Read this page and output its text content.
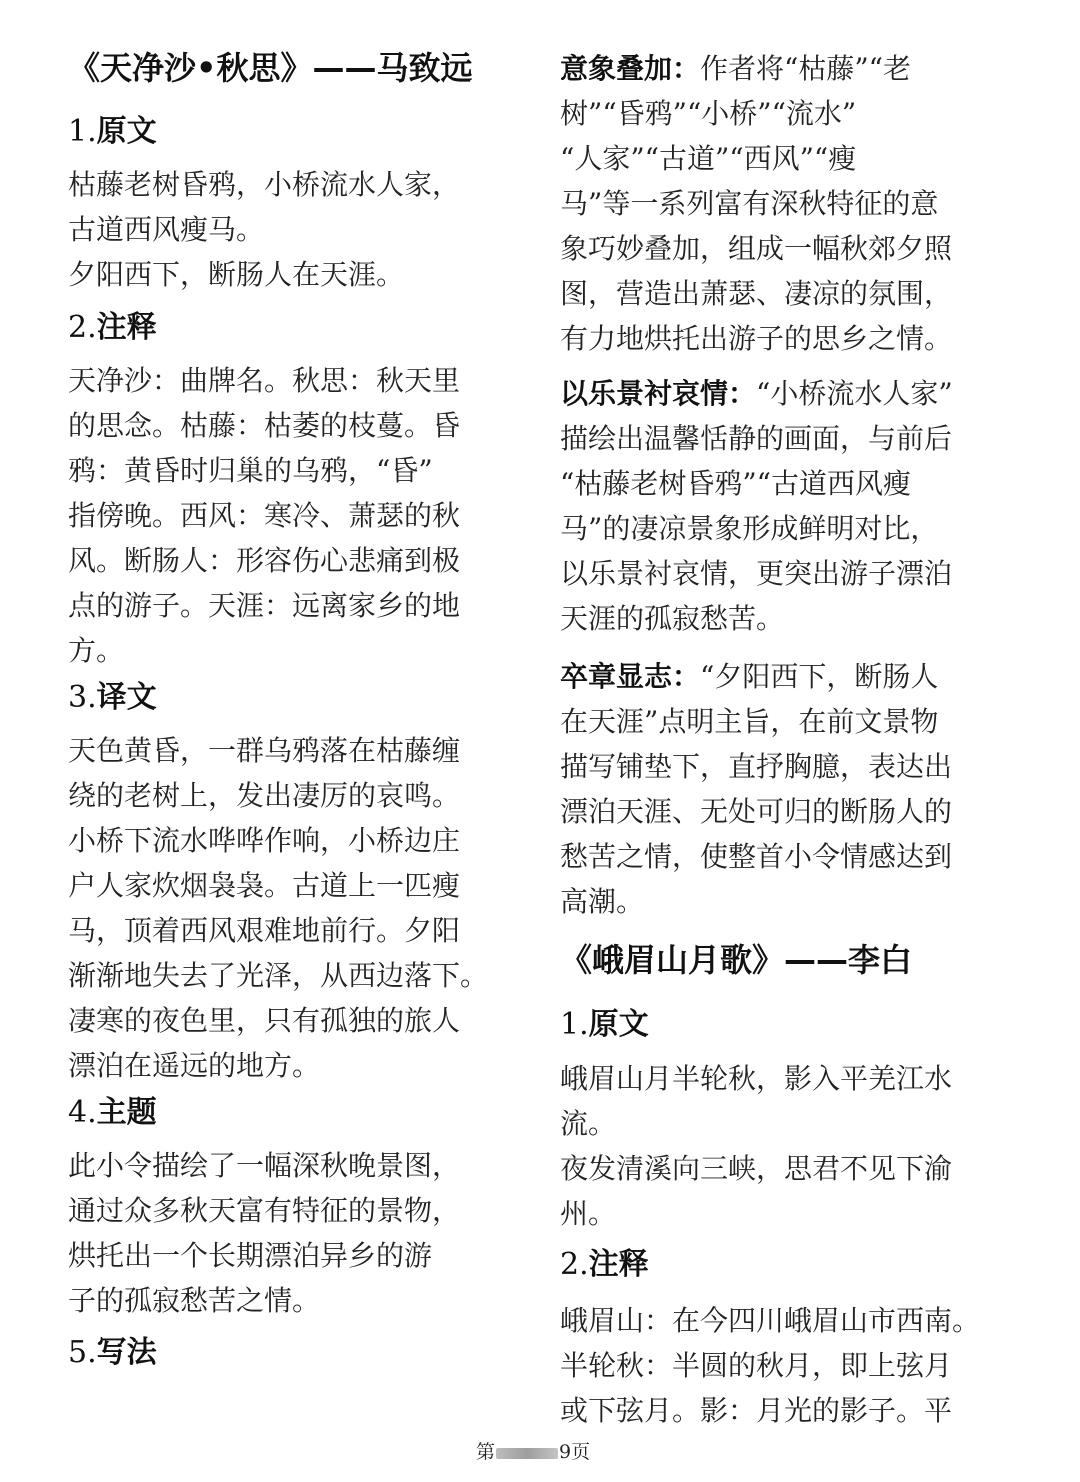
《天净沙•秋思》——马致远
1.原文
枯藤老树昏鸦，小桥流水人家，
古道西风瘦马。
夕阳西下，断肠人在天涯。
2.注释
天净沙：曲牌名。秋思：秋天里
的思念。枯藤：枯萎的枝蔓。昏
鸦：黄昏时归巢的乌鸦，“昏”
指傍晚。西风：寒冷、萧瑟的秋
风。断肠人：形容伤心悲痛到极
点的游子。天涯：远离家乡的地
方。
3.译文
天色黄昏，一群乌鸦落在枯藤缠
绕的老树上，发出凄厉的哀鸣。
小桥下流水哗哗作响，小桥边庄
户人家炊烟袅袅。古道上一匹瘦
马，顶着西风艰难地前行。夕阳
渐渐地失去了光泽，从西边落下。
凄寒的夜色里，只有孤独的旅人
漂泊在遥远的地方。
4.主题
此小令描绘了一幅深秋晚景图，
通过众多秋天富有特征的景物，
烘托出一个长期漂泊异乡的游
子的孤寂愁苦之情。
5.写法
意象叠加：作者将“枯藤”“老
树”“昏鸦”“小桥”“流水”
“人家”“古道”“西风”“瘦
马”等一系列富有深秋特征的意
象巧妙叠加，组成一幅秋郊夕照
图，营造出萧瑟、凄凉的氛围，
有力地烘托出游子的思乡之情。
以乐景衬哀情：“小桥流水人家”
描绘出温馨恬静的画面，与前后
“枯藤老树昏鸦”“古道西风瘦
马”的凄凉景象形成鲜明对比，
以乐景衬哀情，更突出游子漂泊
天涯的孤寂愁苦。
卒章显志：“夕阳西下，断肠人
在天涯”点明主旨，在前文景物
描写铺垫下，直抒胸臆，表达出
漂泊天涯、无处可归的断肠人的
愁苦之情，使整首小令情感达到
高潮。
《峨眉山月歌》——李白
1.原文
峨眉山月半轮秋，影入平羌江水
流。
夜发清溪向三峡，思君不见下渝
州。
2.注释
峨眉山：在今四川峨眉山市西南。
半轮秋：半圆的秋月，即上弦月
或下弦月。影：月光的影子。平
第	9页
